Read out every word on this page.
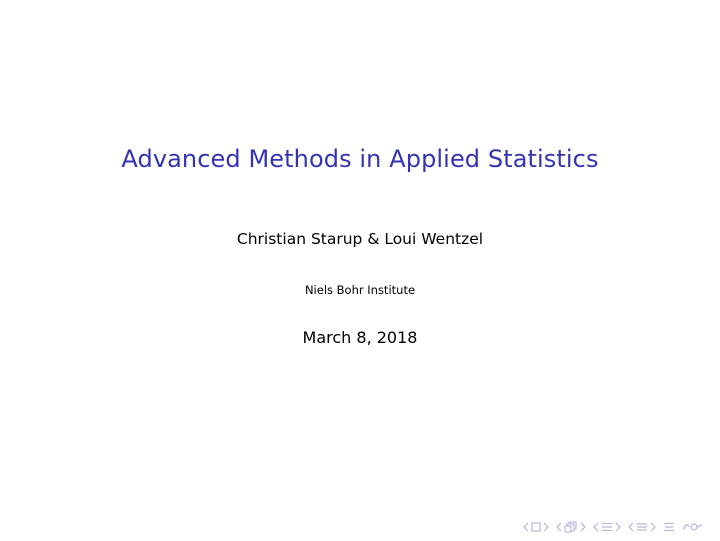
Advanced Methods in Applied Statistics
Christian Starup & Loui Wentzel
Niels Bohr Institute
March 8, 2018
